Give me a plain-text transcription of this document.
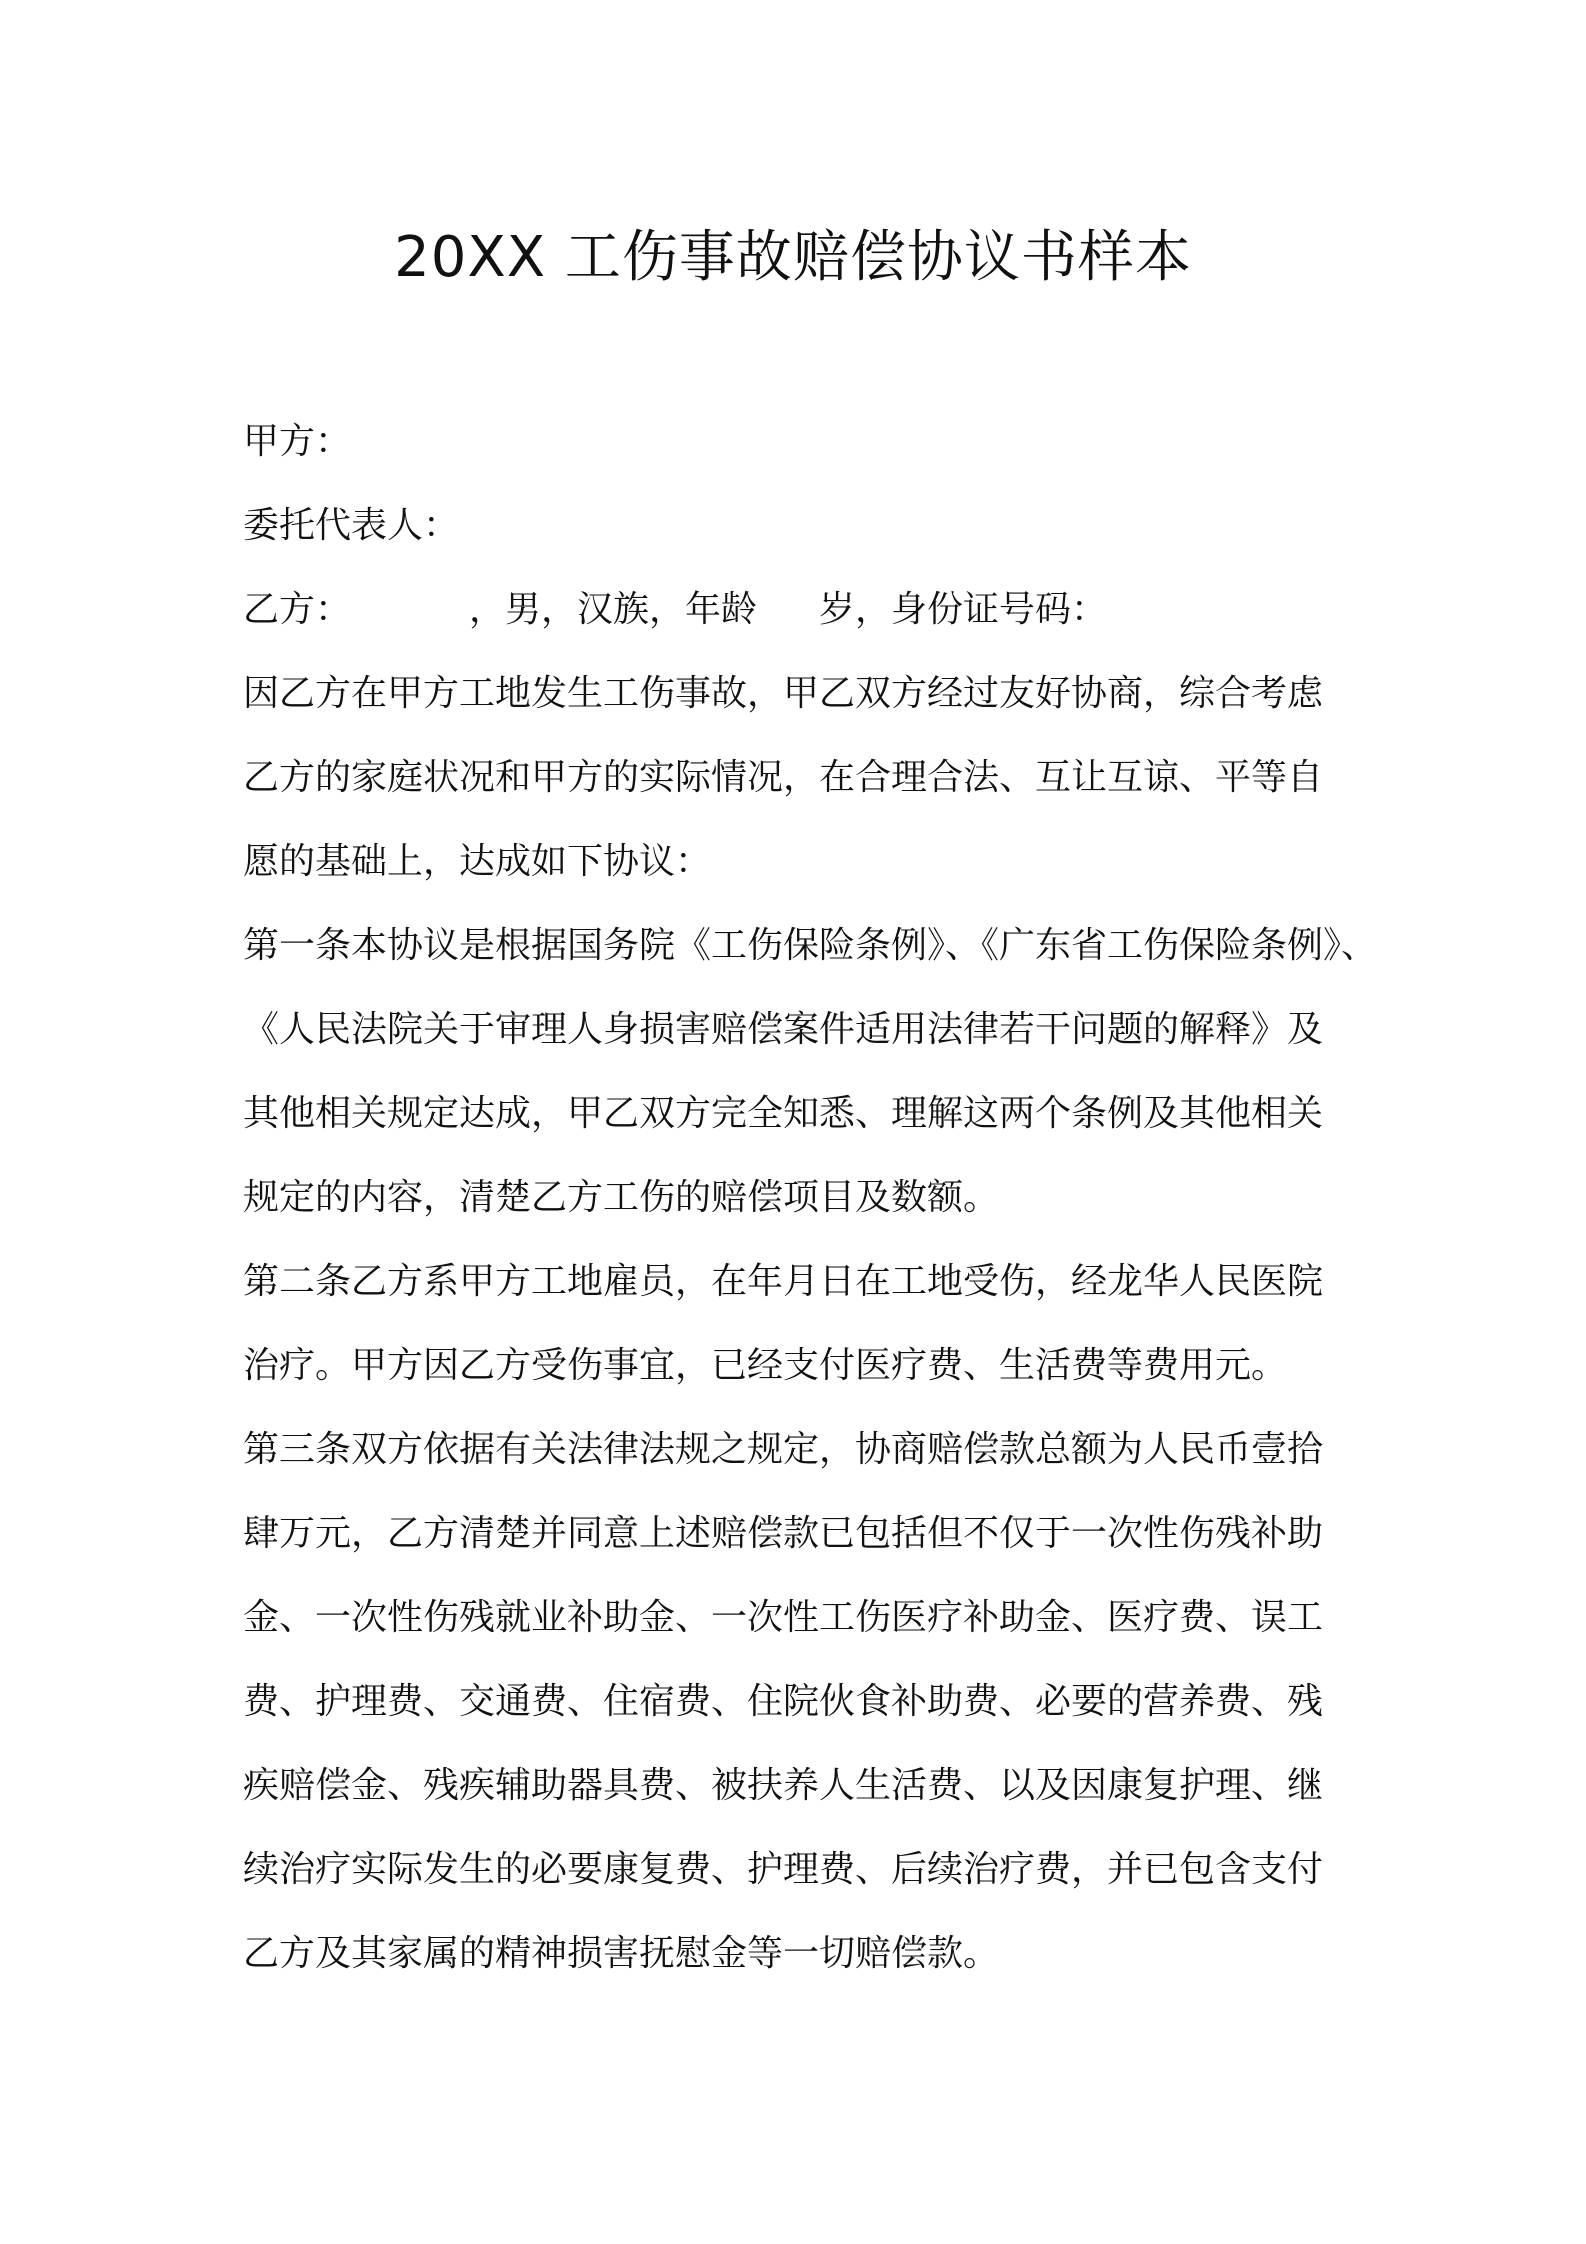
20XX 工伤事故赔偿协议书样本
甲方：
委托代表人：
乙方：	，男，汉族，年龄 岁，身份证号码：
因乙方在甲方工地发生工伤事故，甲乙双方经过友好协商，综合考虑
乙方的家庭状况和甲方的实际情况，在合理合法、互让互谅、平等自
愿的基础上，达成如下协议：
第一条本协议是根据国务院《工伤保险条例》、《广东省工伤保险条例》、
《人民法院关于审理人身损害赔偿案件适用法律若干问题的解释》及
其他相关规定达成，甲乙双方完全知悉、理解这两个条例及其他相关
规定的内容，清楚乙方工伤的赔偿项目及数额。
第二条乙方系甲方工地雇员，在年月日在工地受伤，经龙华人民医院
治疗。甲方因乙方受伤事宜，已经支付医疗费、生活费等费用元。
第三条双方依据有关法律法规之规定，协商赔偿款总额为人民币壹拾
肆万元，乙方清楚并同意上述赔偿款已包括但不仅于一次性伤残补助
金、一次性伤残就业补助金、一次性工伤医疗补助金、医疗费、误工
费、护理费、交通费、住宿费、住院伙食补助费、必要的营养费、残
疾赔偿金、残疾辅助器具费、被扶养人生活费、以及因康复护理、继
续治疗实际发生的必要康复费、护理费、后续治疗费，并已包含支付
乙方及其家属的精神损害抚慰金等一切赔偿款。
